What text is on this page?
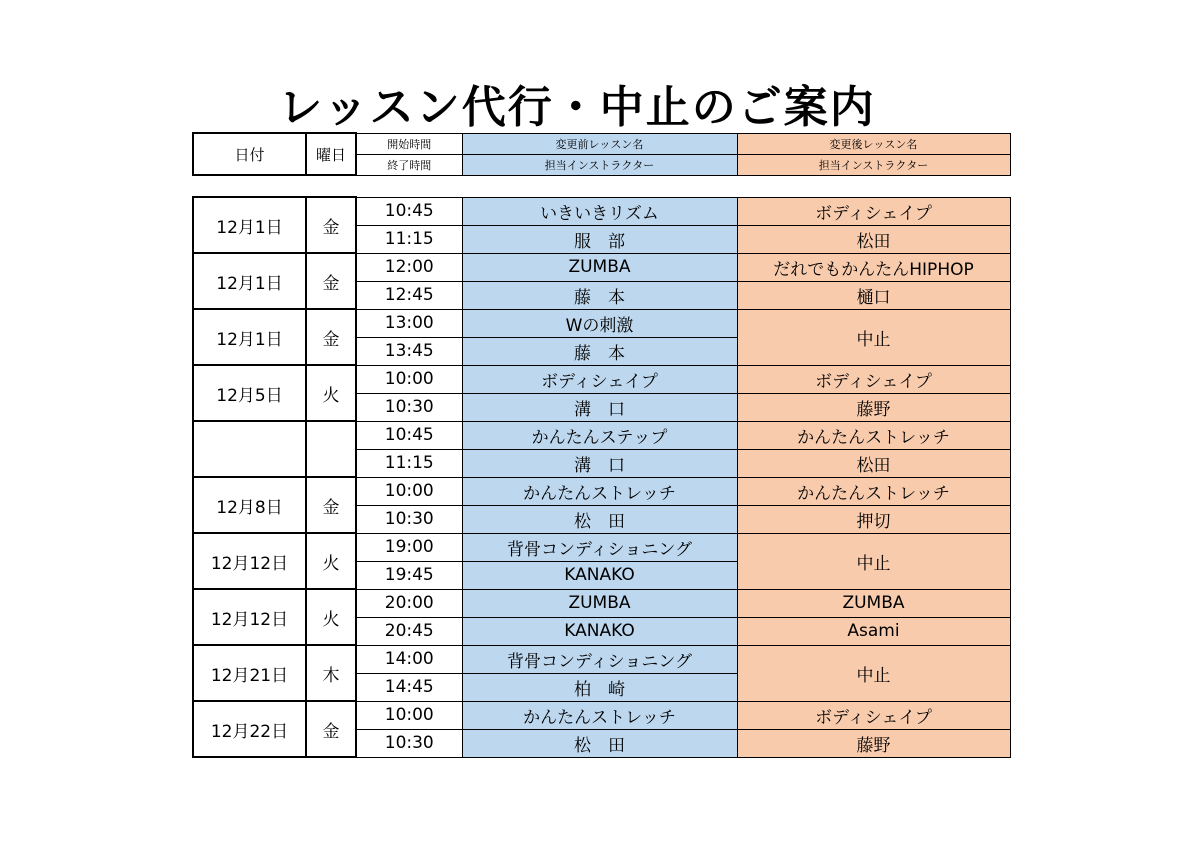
レッスン代行・中止のご案内
日付	曜日	開始時間	変更前レッスン名	変更後レッスン名
		終了時間	担当インストラクター	担当インストラクター
12月1日	金	10:45	いきいきリズム	ボディシェイプ
		11:15	服　部	松田
12月1日	金	12:00	ZUMBA	だれでもかんたんHIPHOP
		12:45	藤　本	樋口
12月1日	金	13:00	Wの刺激	中止
		13:45	藤　本	
12月5日	火	10:00	ボディシェイプ	ボディシェイプ
		10:30	溝　口	藤野
		10:45	かんたんステップ	かんたんストレッチ
		11:15	溝　口	松田
12月8日	金	10:00	かんたんストレッチ	かんたんストレッチ
		10:30	松　田	押切
12月12日	火	19:00	背骨コンディショニング	中止
		19:45	KANAKO	
12月12日	火	20:00	ZUMBA	ZUMBA
		20:45	KANAKO	Asami
12月21日	木	14:00	背骨コンディショニング	中止
		14:45	柏　崎	
12月22日	金	10:00	かんたんストレッチ	ボディシェイプ
		10:30	松　田	藤野
